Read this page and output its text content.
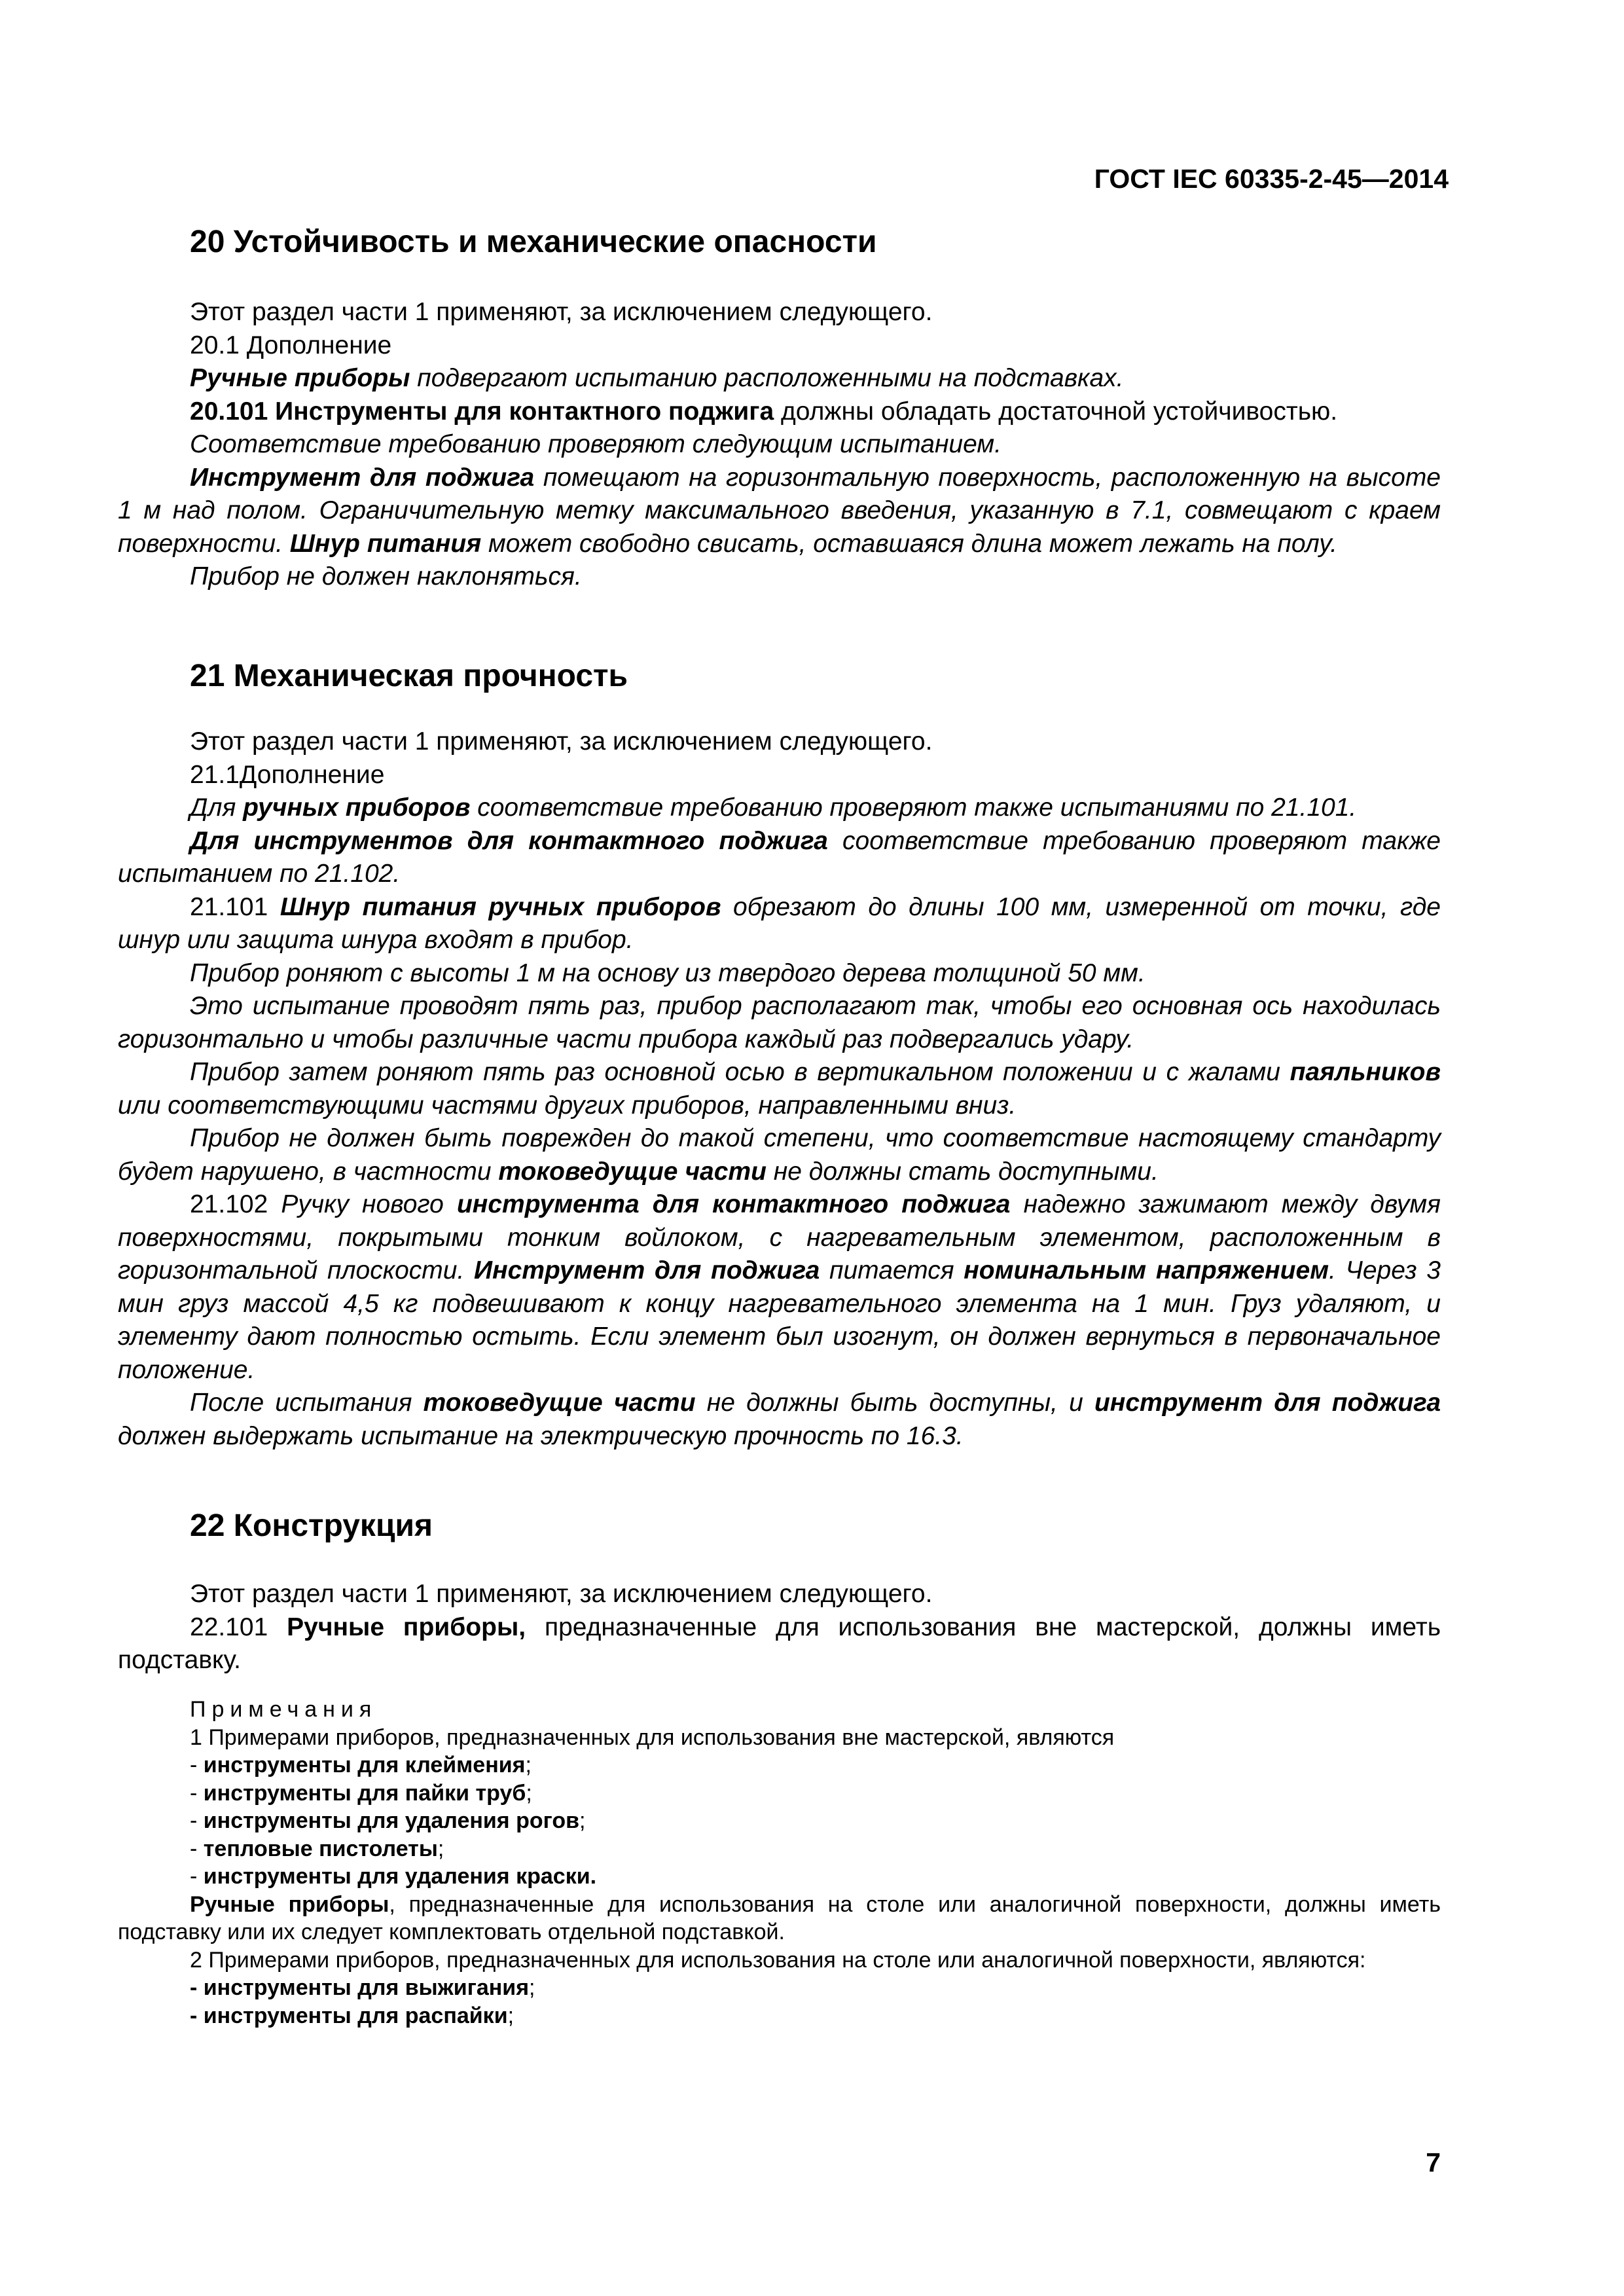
ГОСТ IEC 60335-2-45—2014
20 Устойчивость и механические опасности

Этот раздел части 1 применяют, за исключением следующего.

20.1 Дополнение

Ручные приборы подвергают испытанию расположенными на подставках.

20.101 Инструменты для контактного поджига должны обладать достаточной устойчивостью.

Соответствие требованию проверяют следующим испытанием.

Инструмент для поджига помещают на горизонтальную поверхность, расположенную на высоте 1 м над полом. Ограничительную метку максимального введения, указанную в 7.1, совмещают с краем поверхности. Шнур питания может свободно свисать, оставшаяся длина может лежать на полу.

Прибор не должен наклоняться.

21 Механическая прочность

Этот раздел части 1 применяют, за исключением следующего.

21.1Дополнение

Для ручных приборов соответствие требованию проверяют также испытаниями по 21.101.

Для инструментов для контактного поджига соответствие требованию проверяют также испытанием по 21.102.

21.101 Шнур питания ручных приборов обрезают до длины 100 мм, измеренной от точки, где шнур или защита шнура входят в прибор.

Прибор роняют с высоты 1 м на основу из твердого дерева толщиной 50 мм.

Это испытание проводят пять раз, прибор располагают так, чтобы его основная ось находилась горизонтально и чтобы различные части прибора каждый раз подвергались удару.

Прибор затем роняют пять раз основной осью в вертикальном положении и с жалами паяльников или соответствующими частями других приборов, направленными вниз.

Прибор не должен быть поврежден до такой степени, что соответствие настоящему стандарту будет нарушено, в частности токоведущие части не должны стать доступными.

21.102 Ручку нового инструмента для контактного поджига надежно зажимают между двумя поверхностями, покрытыми тонким войлоком, с нагревательным элементом, расположенным в горизонтальной плоскости. Инструмент для поджига питается номинальным напряжением. Через 3 мин груз массой 4,5 кг подвешивают к концу нагревательного элемента на 1 мин. Груз удаляют, и элементу дают полностью остыть. Если элемент был изогнут, он должен вернуться в первоначальное положение.

После испытания токоведущие части не должны быть доступны, и инструмент для поджига должен выдержать испытание на электрическую прочность по 16.3.

22 Конструкция

Этот раздел части 1 применяют, за исключением следующего.

22.101 Ручные приборы, предназначенные для использования вне мастерской, должны иметь подставку.

Примечания

1 Примерами приборов, предназначенных для использования вне мастерской, являются

- инструменты для клеймения;

- инструменты для пайки труб;

- инструменты для удаления рогов;

- тепловые пистолеты;

- инструменты для удаления краски.

Ручные приборы, предназначенные для использования на столе или аналогичной поверхности, должны иметь подставку или их следует комплектовать отдельной подставкой.

2 Примерами приборов, предназначенных для использования на столе или аналогичной поверхности, являются:

- инструменты для выжигания;

- инструменты для распайки;

7
